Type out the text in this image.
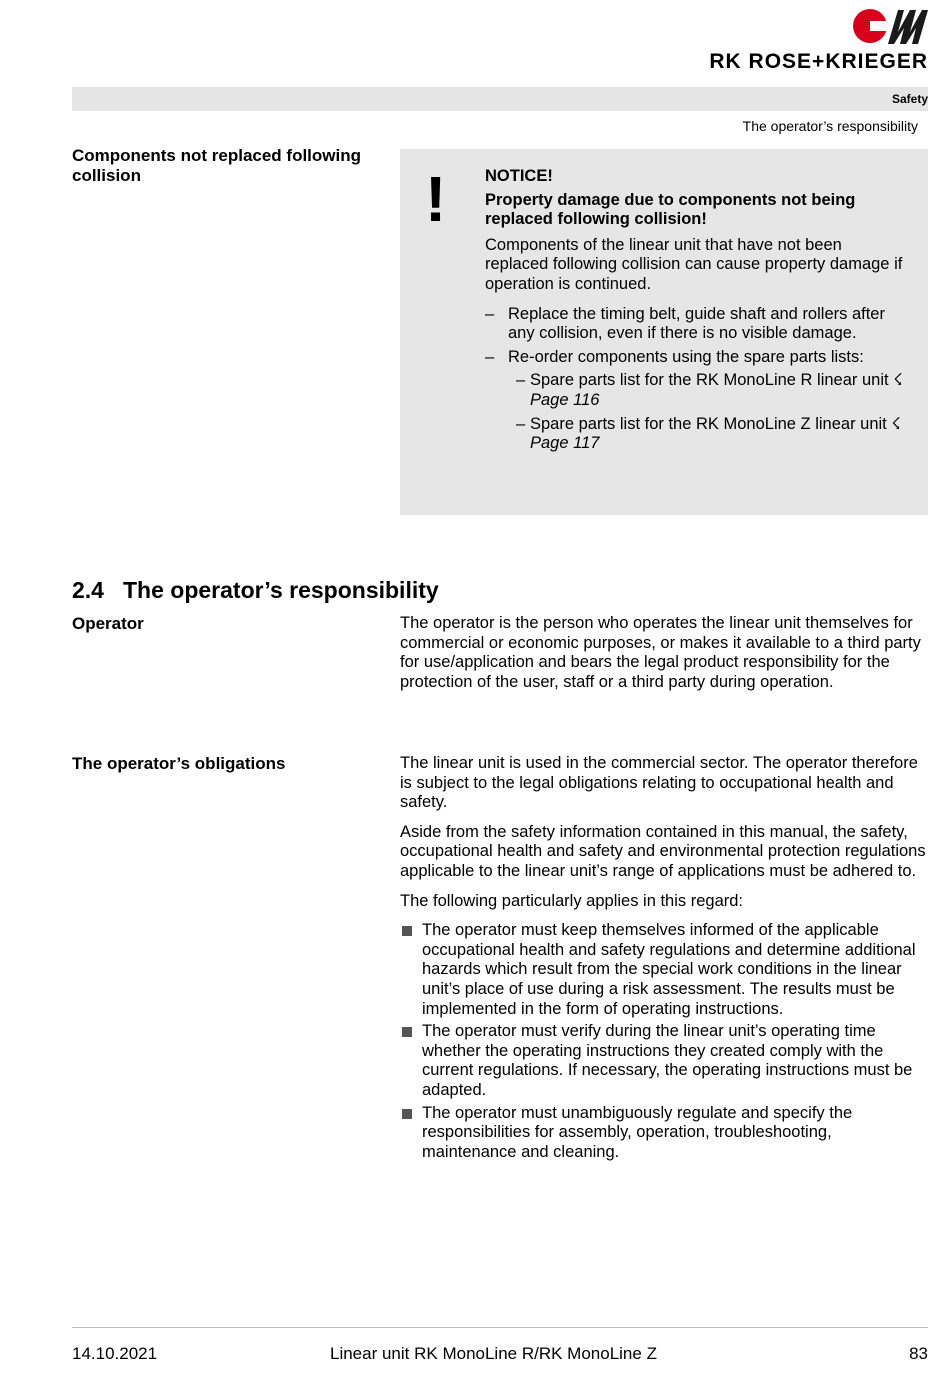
RK ROSE+KRIEGER
Safety
The operator’s responsibility
Components not replaced following collision	! NOTICE!

Property damage due to components not being replaced following collision!

Components of the linear unit that have not been replaced following collision can cause property damage if operation is continued.

– Replace the timing belt, guide shaft and rollers after any collision, even if there is no visible damage.
– Re-order components using the spare parts lists:
– Spare parts list for the RK MonoLine R linear unit ☇ Page 116
– Spare parts list for the RK MonoLine Z linear unit ☇ Page 117
2.4 The operator’s responsibility
Operator	The operator is the person who operates the linear unit themselves for commercial or economic purposes, or makes it available to a third party for use/application and bears the legal product responsibility for the protection of the user, staff or a third party during operation.
The operator’s obligations	The linear unit is used in the commercial sector. The operator therefore is subject to the legal obligations relating to occupational health and safety.

Aside from the safety information contained in this manual, the safety, occupational health and safety and environmental protection regulations applicable to the linear unit’s range of applications must be adhered to.

The following particularly applies in this regard:

The operator must keep themselves informed of the applicable occupational health and safety regulations and determine additional hazards which result from the special work conditions in the linear unit’s place of use during a risk assessment. The results must be implemented in the form of operating instructions.
The operator must verify during the linear unit’s operating time whether the operating instructions they created comply with the current regulations. If necessary, the operating instructions must be adapted.
The operator must unambiguously regulate and specify the responsibilities for assembly, operation, troubleshooting, maintenance and cleaning.
14.10.2021	Linear unit RK MonoLine R/RK MonoLine Z	83
